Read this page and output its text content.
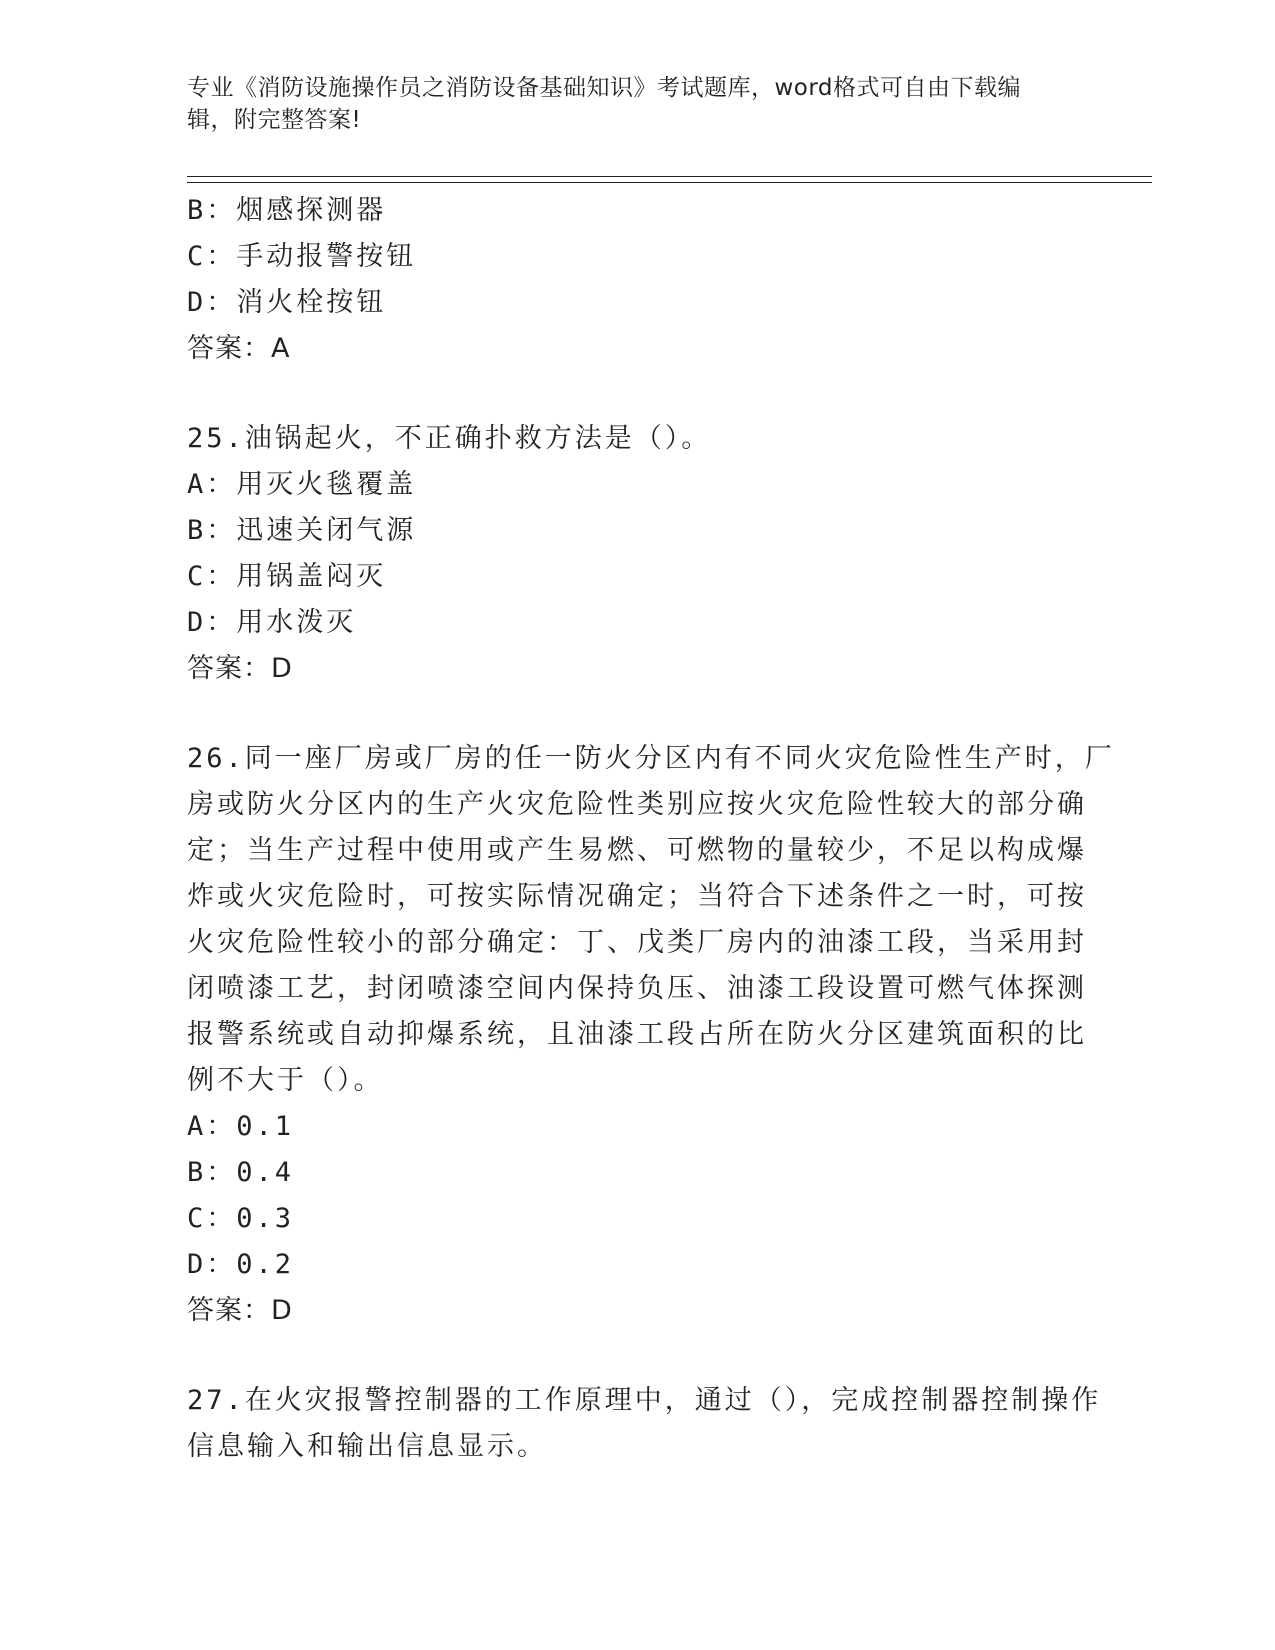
专业《消防设施操作员之消防设备基础知识》考试题库，word格式可自由下载编
辑，附完整答案!
B：烟感探测器
C：手动报警按钮
D：消火栓按钮
答案：A
25.油锅起火，不正确扑救方法是（）。
A：用灭火毯覆盖
B：迅速关闭气源
C：用锅盖闷灭
D：用水泼灭
答案：D
26.同一座厂房或厂房的任一防火分区内有不同火灾危险性生产时，厂
房或防火分区内的生产火灾危险性类别应按火灾危险性较大的部分确
定；当生产过程中使用或产生易燃、可燃物的量较少，不足以构成爆
炸或火灾危险时，可按实际情况确定；当符合下述条件之一时，可按
火灾危险性较小的部分确定：丁、戊类厂房内的油漆工段，当采用封
闭喷漆工艺，封闭喷漆空间内保持负压、油漆工段设置可燃气体探测
报警系统或自动抑爆系统，且油漆工段占所在防火分区建筑面积的比
例不大于（）。
A：0.1
B：0.4
C：0.3
D：0.2
答案：D
27.在火灾报警控制器的工作原理中，通过（），完成控制器控制操作
信息输入和输出信息显示。
